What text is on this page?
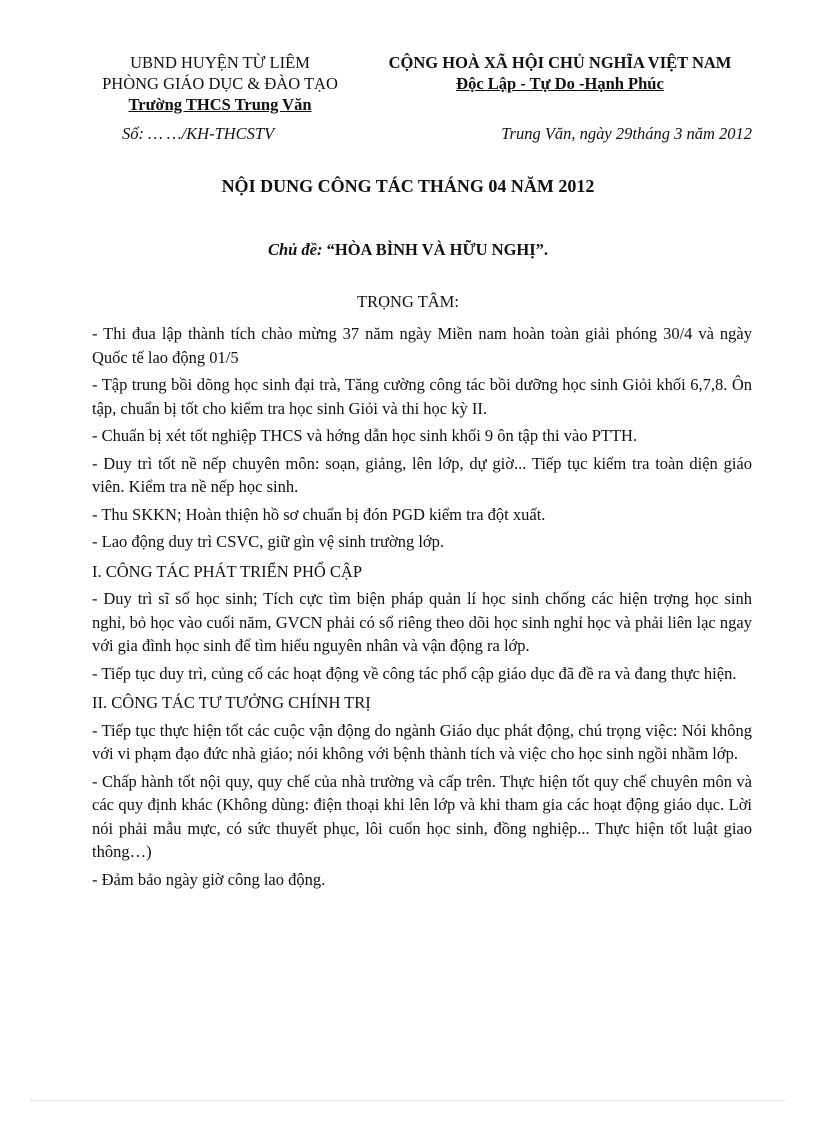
UBND HUYỆN TỪ LIÊM
PHÒNG GIÁO DỤC & ĐÀO TẠO
Trường THCS Trung Văn
CỘNG HOÀ XÃ HỘI CHỦ NGHĨA VIỆT NAM
Độc Lập - Tự Do -Hạnh Phúc
Số: … …/KH-THCSTV	Trung Văn, ngày 29tháng 3 năm 2012
NỘI DUNG CÔNG TÁC THÁNG 04 NĂM 2012
Chủ đề: “HÒA BÌNH VÀ HỮU NGHỊ”.
TRỌNG TÂM:

- Thi đua lập thành tích chào mừng 37 năm ngày Miền nam hoàn toàn giải phóng 30/4 và ngày Quốc tế lao động 01/5

- Tập trung bồi dõng học sinh đại trà, Tăng cường công tác bồi dưỡng học sinh Giỏi khối 6,7,8. Ôn tập, chuẩn bị tốt cho kiểm tra học sinh Giỏi và thi học kỳ II.

- Chuẩn bị xét tốt nghiệp THCS và hớng dẫn học sinh khối 9 ôn tập thi vào PTTH.

- Duy trì tốt nề nếp chuyên môn: soạn, giảng, lên lớp, dự giờ... Tiếp tục kiểm tra toàn diện giáo viên. Kiểm tra nề nếp học sinh.

- Thu SKKN; Hoàn thiện hồ sơ chuẩn bị đón PGD kiểm tra đột xuất.

- Lao động duy trì CSVC, giữ gìn vệ sinh trường lớp.

I. CÔNG TÁC PHÁT TRIỂN PHỔ CẬP

- Duy trì sĩ số học sinh; Tích cực tìm biện pháp quản lí học sinh chống các hiện trợng học sinh nghỉ, bỏ học vào cuối năm, GVCN phải có sổ riêng theo dõi học sinh nghỉ học và phải liên lạc ngay với gia đình học sinh để tìm hiểu nguyên nhân và vận động ra lớp.

- Tiếp tục duy trì, củng cố các hoạt động về công tác phổ cập giáo dục đã đề ra và đang thực hiện.

II. CÔNG TÁC TƯ TƯỞNG CHÍNH TRỊ

- Tiếp tục thực hiện tốt các cuộc vận động do ngành Giáo dục phát động, chú trọng việc: Nói không với vi phạm đạo đức nhà giáo; nói không với bệnh thành tích và việc cho học sinh ngồi nhầm lớp.

- Chấp hành tốt nội quy, quy chế của nhà trường và cấp trên. Thực hiện tốt quy chế chuyên môn và các quy định khác (Không dùng: điện thoại khi lên lớp và khi tham gia các hoạt động giáo dục. Lời nói phải mẫu mực, có sức thuyết phục, lôi cuốn học sinh, đồng nghiệp... Thực hiện tốt luật giao thông…)

- Đảm bảo ngày giờ công lao động.
